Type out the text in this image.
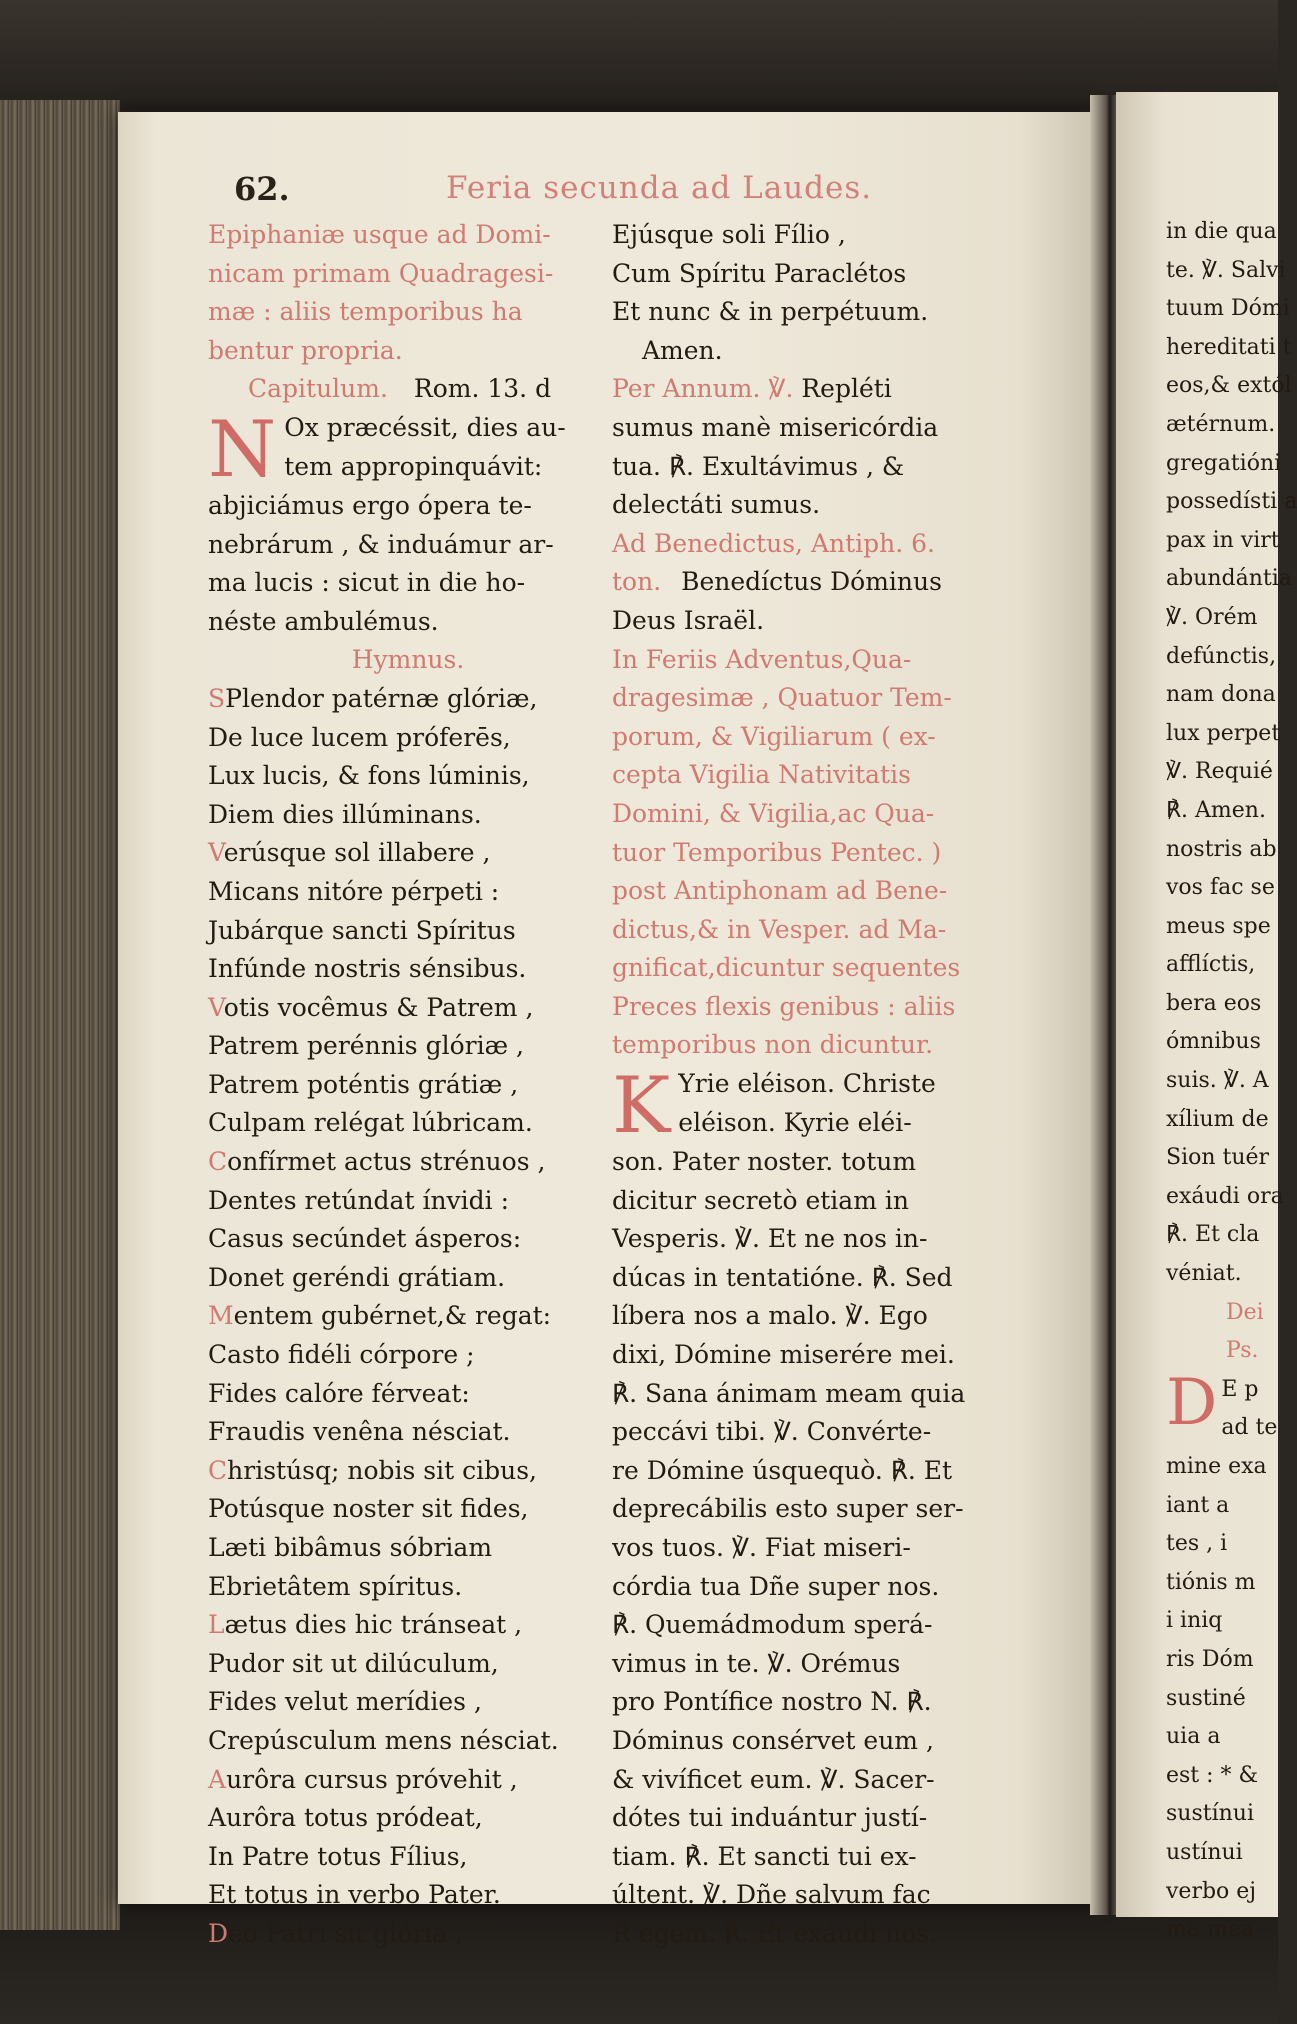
62.	Feria secunda ad Laudes.
Epiphaniæ usque ad Domi-
nicam primam Quadragesi-
mæ : aliis temporibus ha
bentur propria.
Capitulum. Rom. 13. d
N Ox præcéssit, dies au-
tem appropinquávit:
abjiciámus ergo ópera te-
nebrárum , & induámur ar-
ma lucis : sicut in die ho-
néste ambulémus.
Hymnus.
SPlendor patérnæ glóriæ,
De luce lucem próferēs,
Lux lucis, & fons lúminis,
Diem dies illúminans.
Verúsque sol illabere ,
Micans nitóre pérpeti :
Jubárque sancti Spíritus
Infúnde nostris sénsibus.
Votis vocêmus & Patrem ,
Patrem perénnis glóriæ ,
Patrem poténtis grátiæ ,
Culpam relégat lúbricam.
Confírmet actus strénuos ,
Dentes retúndat ínvidi :
Casus secúndet ásperos:
Donet geréndi grátiam.
Mentem gubérnet,& regat:
Casto fidéli córpore ;
Fides calóre férveat:
Fraudis venêna nésciat.
Christúsq; nobis sit cibus,
Potúsque noster sit fides,
Læti bibâmus sóbriam
Ebrietâtem spíritus.
Lætus dies hic tránseat ,
Pudor sit ut dilúculum,
Fides velut merídies ,
Crepúsculum mens nésciat.
Aurôra cursus próvehit ,
Aurôra totus pródeat,
In Patre totus Fílius,
Et totus in verbo Pater.
Deo Patri sit glória ,
Ejúsque soli Fílio ,
Cum Spíritu Paraclétos
Et nunc & in perpétuum.
Amen.
Per Annum. ℣. Repléti
sumus manè misericórdia
tua. ℟. Exultávimus , &
delectáti sumus.
Ad Benedictus, Antiph. 6.
ton. Benedíctus Dóminus
Deus Israël.
In Feriis Adventus,Qua-
dragesimæ , Quatuor Tem-
porum, & Vigiliarum ( ex-
cepta Vigilia Nativitatis
Domini, & Vigilia,ac Qua-
tuor Temporibus Pentec. )
post Antiphonam ad Bene-
dictus,& in Vesper. ad Ma-
gnificat,dicuntur sequentes
Preces flexis genibus : aliis
temporibus non dicuntur.
K Yrie eléison. Christe
eléison. Kyrie eléi-
son. Pater noster. totum
dicitur secretò etiam in
Vesperis. ℣. Et ne nos in-
dúcas in tentatióne. ℟. Sed
líbera nos a malo. ℣. Ego
dixi, Dómine miserére mei.
℟. Sana ánimam meam quia
peccávi tibi. ℣. Convérte-
re Dómine úsquequò. ℟. Et
deprecábilis esto super ser-
vos tuos. ℣. Fiat miseri-
córdia tua Dñe super nos.
℟. Quemádmodum sperá-
vimus in te. ℣. Orémus
pro Pontífice nostro N. ℟.
Dóminus consérvet eum ,
& vivíficet eum. ℣. Sacer-
dótes tui induántur justí-
tiam. ℟. Et sancti tui ex-
últent. ℣. Dñe salvum fac
R egem. ℟. Et exáudi nos.
in die qua
te. ℣. Salvi
tuum Dómi
hereditati t
eos,& extól
ætérnum.
gregatióni
possedísti a
pax in virt
abundántia
℣. Orém
defúnctis,
nam dona
lux perpet
℣. Requié
℟. Amen.
nostris ab
vos fac se
meus spe
afflíctis,
bera eos
ómnibus
suis. ℣. A
xílium de
Sion tuér
exáudi ora
℟. Et cla
véniat.
Dei
Ps.
D E p
ad te
mine exa
iant a
tes , i
tiónis m
i iniq
ris Dóm
sustiné
uia a
est : * &
sustínui
ustínui
verbo ej
ma mea
